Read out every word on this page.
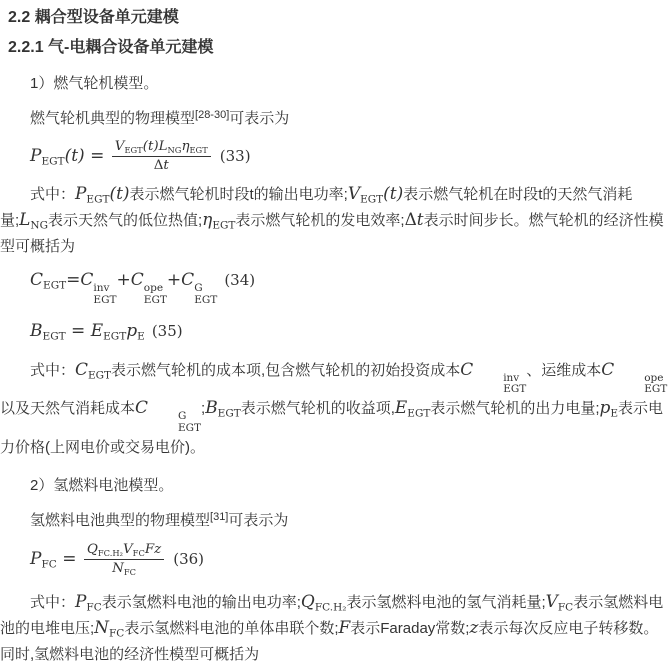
2.2 耦合型设备单元建模
2.2.1 气-电耦合设备单元建模

1）燃气轮机模型。

燃气轮机典型的物理模型[28-30]可表示为

$P_{EGT}(t) = \frac{V_{EGT}(t)L_{NG}\eta_{EGT}}{\Delta t} (33)$

式中：$P_{EGT}(t)$表示燃气轮机时段t的输出电功率$;V_{EGT}(t)$表示燃气轮机在时段t的天然气消耗量$;L_{NG}$表示天然气的低位热值$;\eta_{EGT}$表示燃气轮机的发电效率;Δt表示时间步长。燃气轮机的经济性模型可概括为

$C_{EGT}=C$ inv
EGT
+C ope
EGT
+C G
EGT
(34)
$B_{EGT} = E_{EGT}p_E$ (35)

式中：$C_{EGT}$表示燃气轮机的成本项,包含燃气轮机的初始投资成本C	inv
EGT
、运维成本C	ope
EGT
以及天然气消耗成本C	G
EGT
$;B_{EGT}$表示燃气轮机的收益项$,E_{EGT}$表示燃气轮机的出力电量$;p_E$表示电力价格(上网电价或交易电价)。

2）氢燃料电池模型。

氢燃料电池典型的物理模型[31]可表示为

$P_{FC} = \frac{Q_{FC.H_2}V_{FC}Fz}{N_{FC}} (36)$

式中：$P_{FC}$表示氢燃料电池的输出电功率$;Q_{FC.H_2}$表示氢燃料电池的氢气消耗量$;V_{FC}$表示氢燃料电池的电堆电压$;N_{FC}$表示氢燃料电池的单体串联个数;F表示Faraday常数;z表示每次反应电子转移数。同时,氢燃料电池的经济性模型可概括为
